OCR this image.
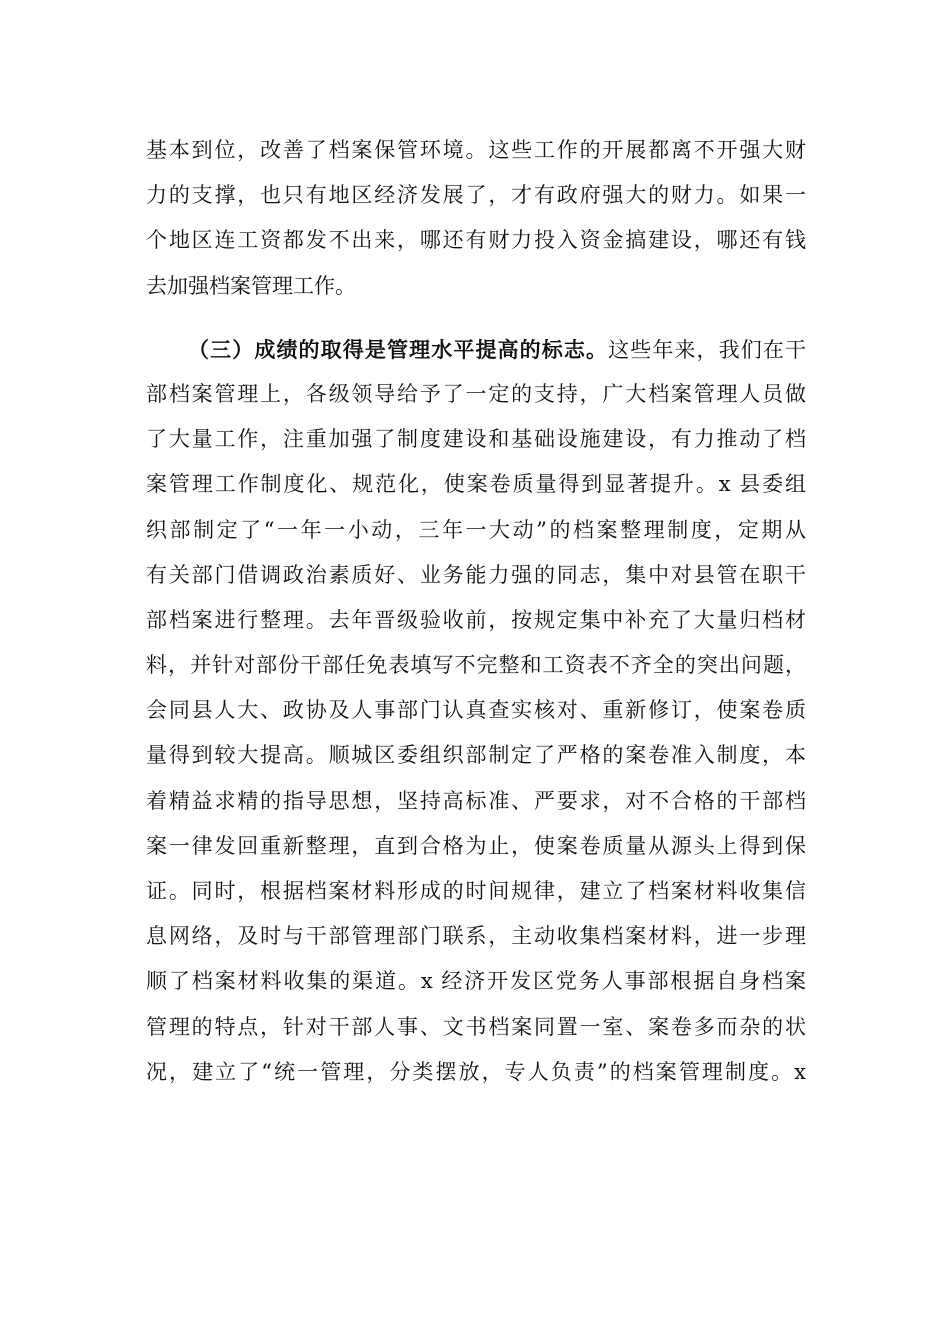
基本到位，改善了档案保管环境。这些工作的开展都离不开强大财
力的支撑，也只有地区经济发展了，才有政府强大的财力。如果一
个地区连工资都发不出来，哪还有财力投入资金搞建设，哪还有钱
去加强档案管理工作。
（三）成绩的取得是管理水平提高的标志。这些年来，我们在干
部档案管理上，各级领导给予了一定的支持，广大档案管理人员做
了大量工作，注重加强了制度建设和基础设施建设，有力推动了档
案管理工作制度化、规范化，使案卷质量得到显著提升。x 县委组
织部制定了“一年一小动，三年一大动”的档案整理制度，定期从
有关部门借调政治素质好、业务能力强的同志，集中对县管在职干
部档案进行整理。去年晋级验收前，按规定集中补充了大量归档材
料，并针对部份干部任免表填写不完整和工资表不齐全的突出问题，
会同县人大、政协及人事部门认真查实核对、重新修订，使案卷质
量得到较大提高。顺城区委组织部制定了严格的案卷准入制度，本
着精益求精的指导思想，坚持高标准、严要求，对不合格的干部档
案一律发回重新整理，直到合格为止，使案卷质量从源头上得到保
证。同时，根据档案材料形成的时间规律，建立了档案材料收集信
息网络，及时与干部管理部门联系，主动收集档案材料，进一步理
顺了档案材料收集的渠道。x 经济开发区党务人事部根据自身档案
管理的特点，针对干部人事、文书档案同置一室、案卷多而杂的状
况，建立了“统一管理，分类摆放，专人负责”的档案管理制度。x
